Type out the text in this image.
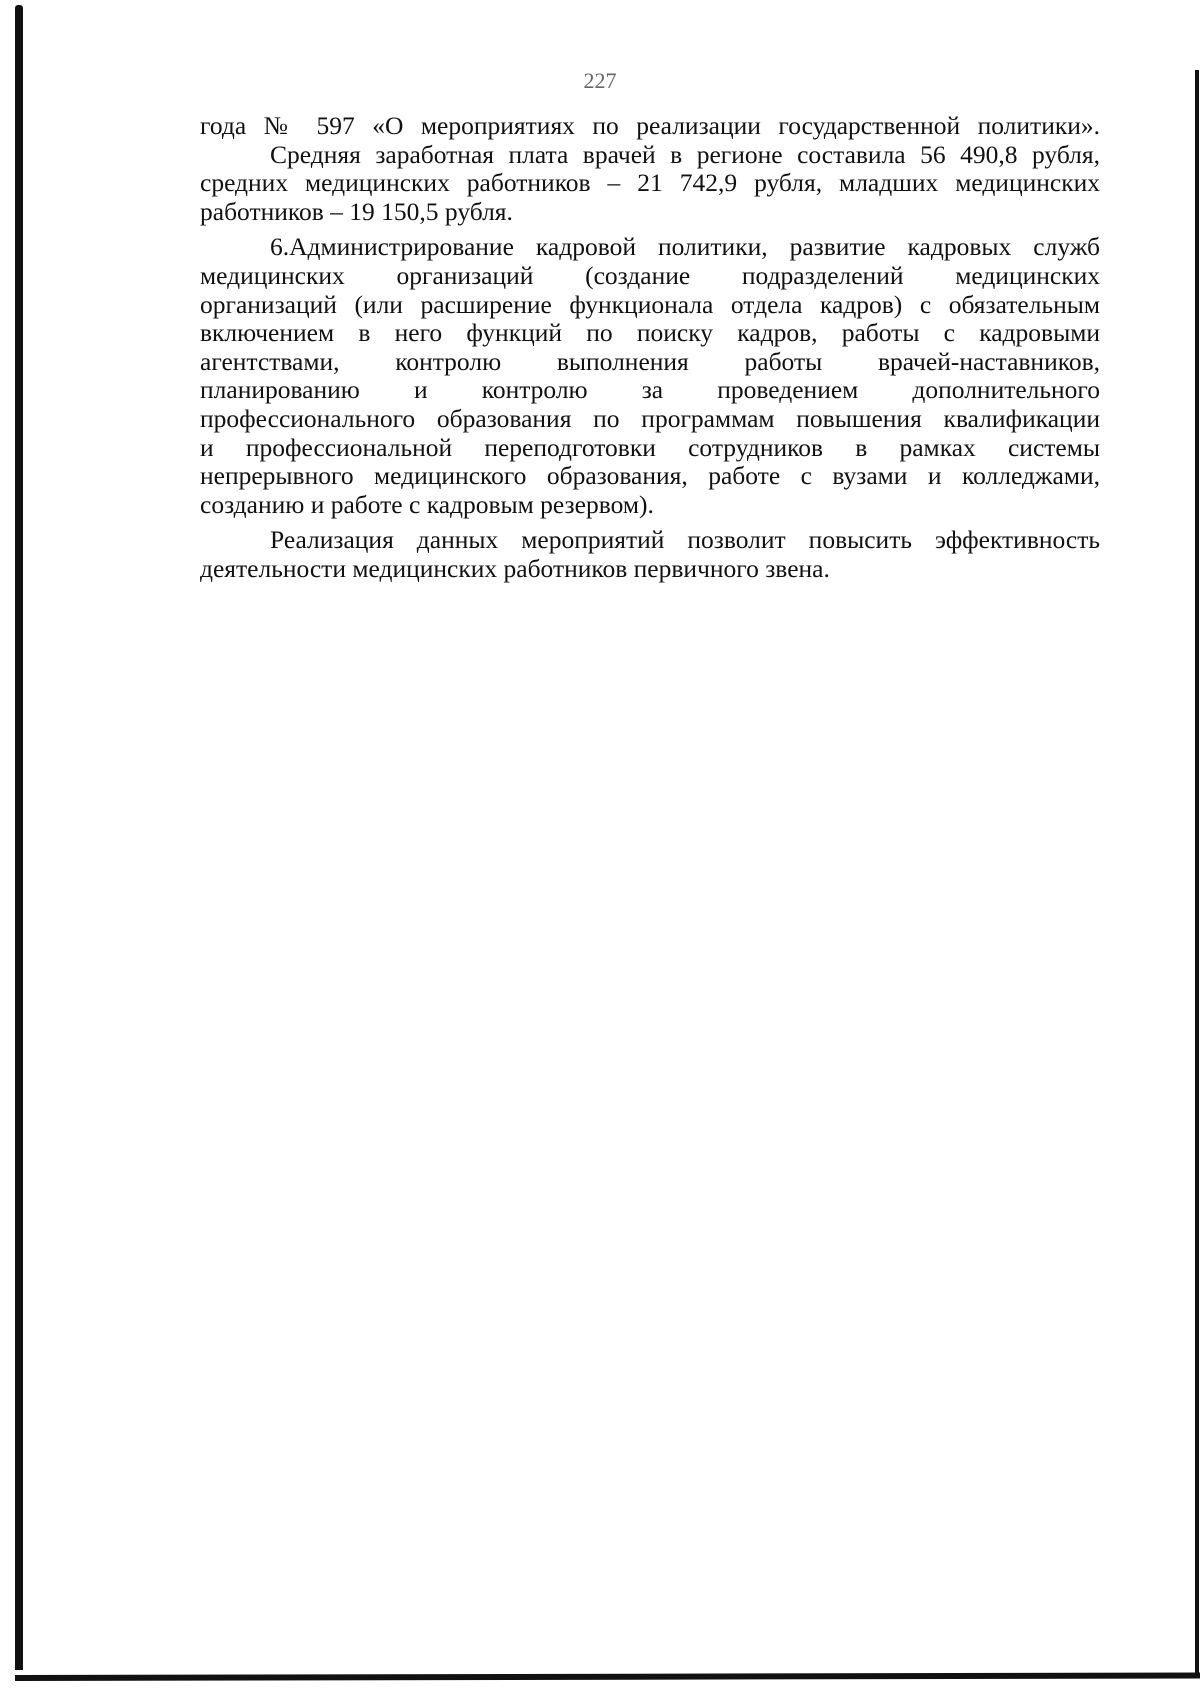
227
года № 597 «О мероприятиях по реализации государственной политики».
Средняя заработная плата врачей в регионе составила 56 490,8 рубля,
средних медицинских работников – 21 742,9 рубля, младших медицинских
работников – 19 150,5 рубля.
6.Администрирование кадровой политики, развитие кадровых служб
медицинских организаций (создание подразделений медицинских
организаций (или расширение функционала отдела кадров) с обязательным
включением в него функций по поиску кадров, работы с кадровыми
агентствами, контролю выполнения работы врачей-наставников,
планированию и контролю за проведением дополнительного
профессионального образования по программам повышения квалификации
и профессиональной переподготовки сотрудников в рамках системы
непрерывного медицинского образования, работе с вузами и колледжами,
созданию и работе с кадровым резервом).
Реализация данных мероприятий позволит повысить эффективность
деятельности медицинских работников первичного звена.
